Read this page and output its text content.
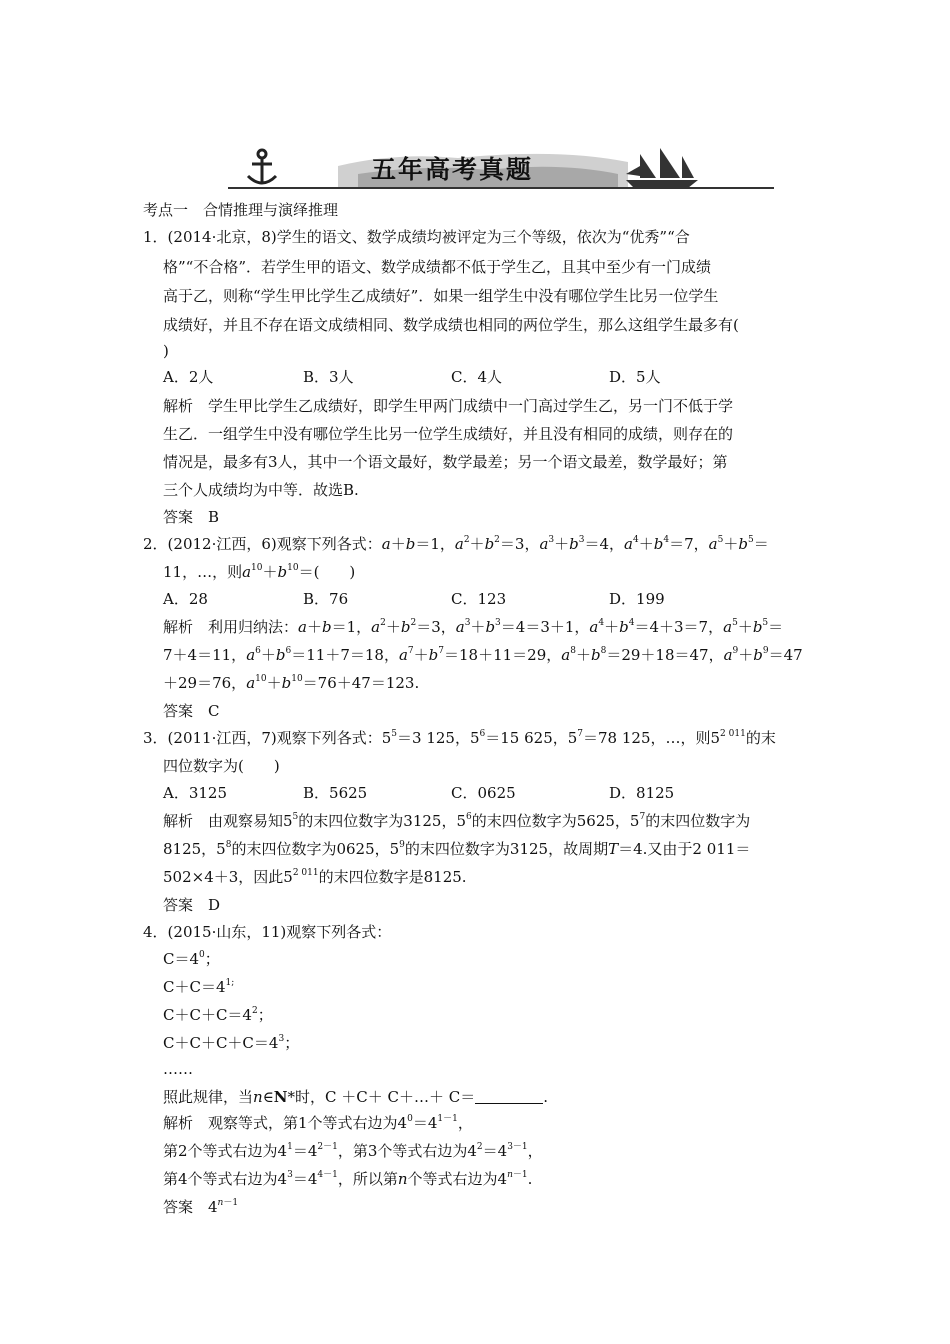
五年高考真题
考点一　合情推理与演绎推理
1．(2014·北京，8)学生的语文、数学成绩均被评定为三个等级，依次为“优秀”“合
格”“不合格”．若学生甲的语文、数学成绩都不低于学生乙，且其中至少有一门成绩
高于乙，则称“学生甲比学生乙成绩好”．如果一组学生中没有哪位学生比另一位学生
成绩好，并且不存在语文成绩相同、数学成绩也相同的两位学生，那么这组学生最多有(
)
A．2人	B．3人	C．4人	D．5人
解析　学生甲比学生乙成绩好，即学生甲两门成绩中一门高过学生乙，另一门不低于学
生乙．一组学生中没有哪位学生比另一位学生成绩好，并且没有相同的成绩，则存在的
情况是，最多有3人，其中一个语文最好，数学最差；另一个语文最差，数学最好；第
三个人成绩均为中等．故选B.
答案　B
2．(2012·江西，6)观察下列各式：a＋b＝1，$a^2+b^2=3$，$a^3+b^3=4$，$a^4+b^4=7$，$a^5+b^5=$
11，…，则$a^{10}+b^{10}=$(　　)
A．28	B．76	C．123	D．199
解析　利用归纳法：a＋b＝1，$a^2+b^2=3$，$a^3+b^3=4=3+1$，$a^4+b^4=4+3=7$，$a^5+b^5=$
7＋4＝11，$a^6+b^6=11+7=18$，$a^7+b^7=18+11=29$，$a^8+b^8=29+18=47$，$a^9+b^9=47$
＋29＝76，$a^{10}+b^{10}=76+47=123$.
答案　C
3．(2011·江西，7)观察下列各式：$5^5=3$ 125，$5^6=15$ 625，$5^7=78$ 125，…，则$5^{2 011}$的末
四位数字为(　　)
A．3125	B．5625	C．0625	D．8125
解析　由观察易知$5^5$的末四位数字为3125，$5^6$的末四位数字为5625，$5^7$的末四位数字为
8125，$5^8$的末四位数字为0625，$5^9$的末四位数字为3125，故周期T＝4.又由于2 011＝
502×4＋3，因此$5^{2 011}$的末四位数字是8125.
答案　D
4．(2015·山东，11)观察下列各式：
$C=4^0$；
$C+C=4^{1;}$
$C+C+C=4^2$；
$C+C+C+C=4^3$；
……
照此规律，当n∈N*时，C ＋C＋ C＋…＋ C＝	.
解析　观察等式，第1个等式右边为$4^0=4^{1-1}$，
第2个等式右边为$4^1=4^{2-1}$，第3个等式右边为$4^2=4^{3-1}$，
第4个等式右边为$4^3=4^{4-1}$，所以第n个等式右边为$4^{n-1}$.
答案　$4^{n-1}$
